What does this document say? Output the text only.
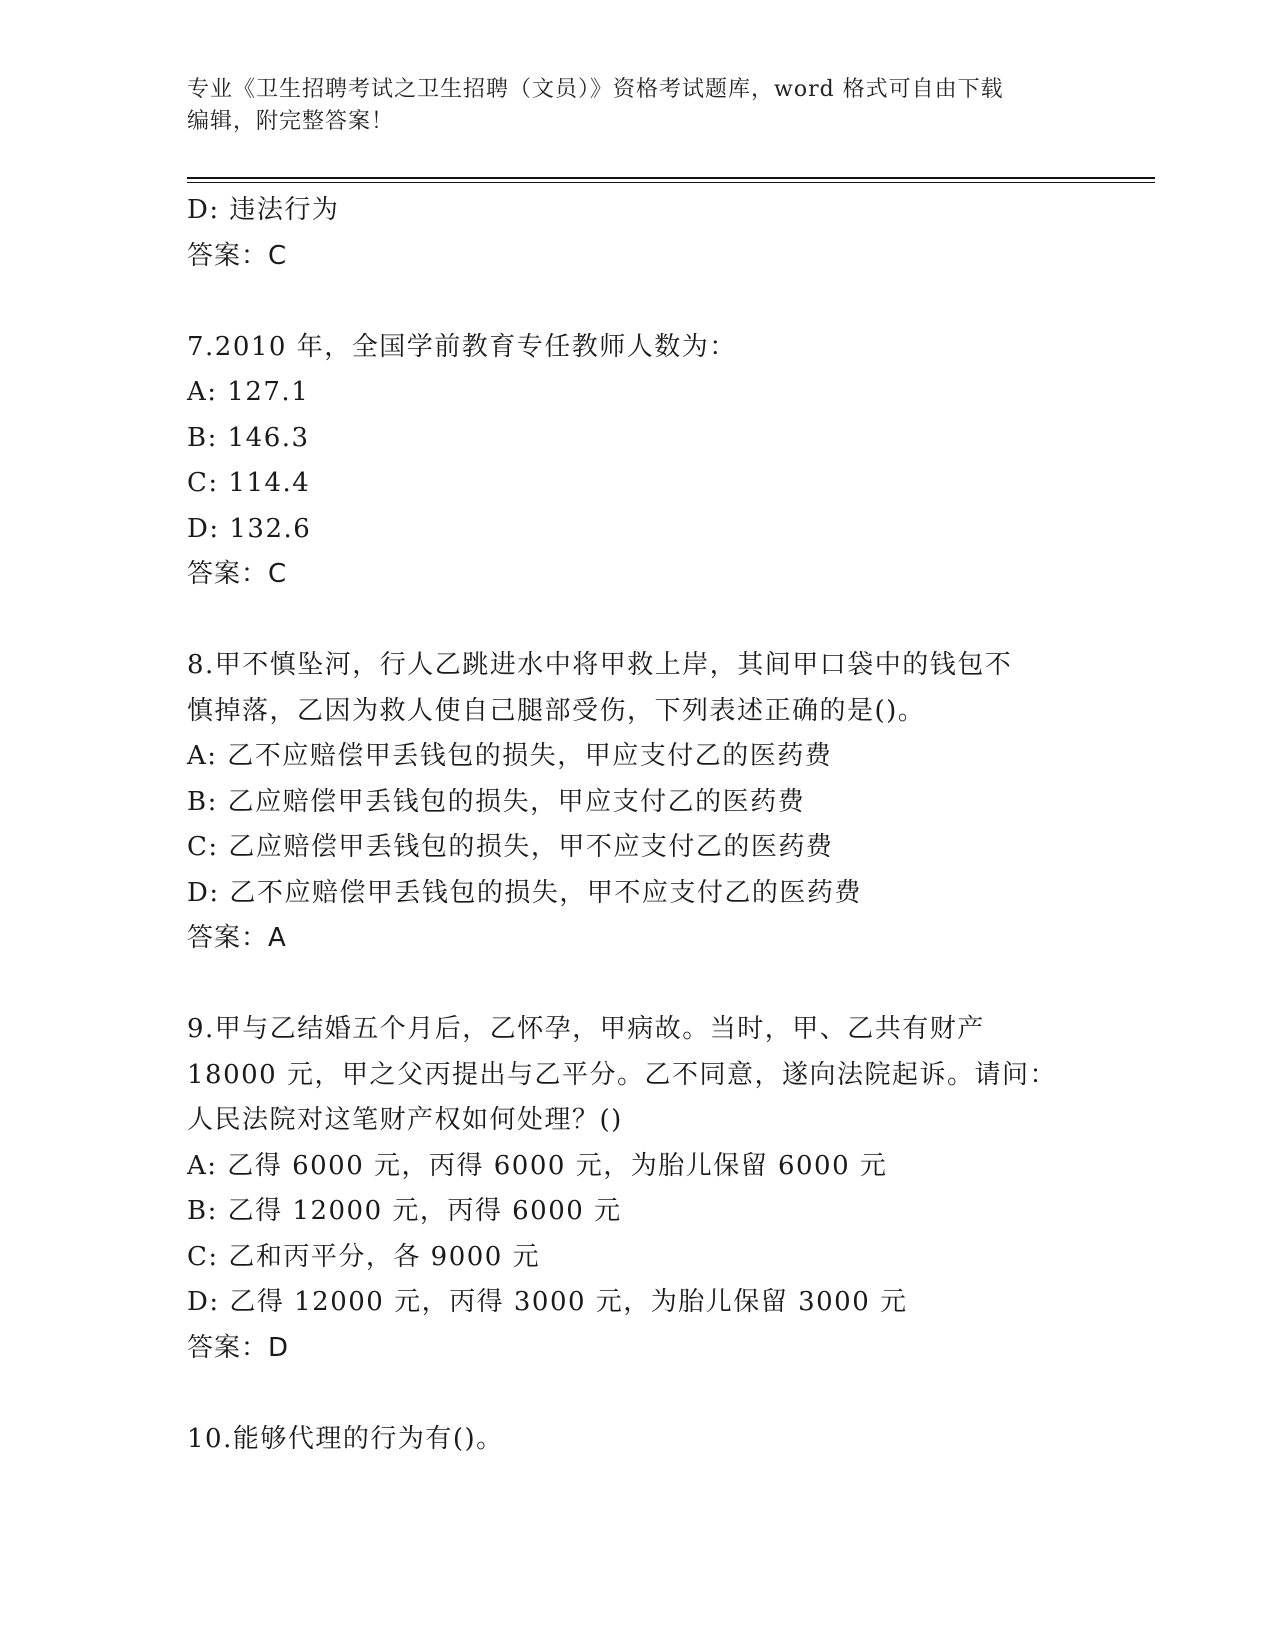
专业《卫生招聘考试之卫生招聘（文员）》资格考试题库，word 格式可自由下载
编辑，附完整答案！
D: 违法行为
答案：C
7.2010 年，全国学前教育专任教师人数为：
A: 127.1
B: 146.3
C: 114.4
D: 132.6
答案：C
8.甲不慎坠河，行人乙跳进水中将甲救上岸，其间甲口袋中的钱包不
慎掉落，乙因为救人使自己腿部受伤，下列表述正确的是()。
A: 乙不应赔偿甲丢钱包的损失，甲应支付乙的医药费
B: 乙应赔偿甲丢钱包的损失，甲应支付乙的医药费
C: 乙应赔偿甲丢钱包的损失，甲不应支付乙的医药费
D: 乙不应赔偿甲丢钱包的损失，甲不应支付乙的医药费
答案：A
9.甲与乙结婚五个月后，乙怀孕，甲病故。当时，甲、乙共有财产
18000 元，甲之父丙提出与乙平分。乙不同意，遂向法院起诉。请问：
人民法院对这笔财产权如何处理？()
A: 乙得 6000 元，丙得 6000 元，为胎儿保留 6000 元
B: 乙得 12000 元，丙得 6000 元
C: 乙和丙平分，各 9000 元
D: 乙得 12000 元，丙得 3000 元，为胎儿保留 3000 元
答案：D
10.能够代理的行为有()。
